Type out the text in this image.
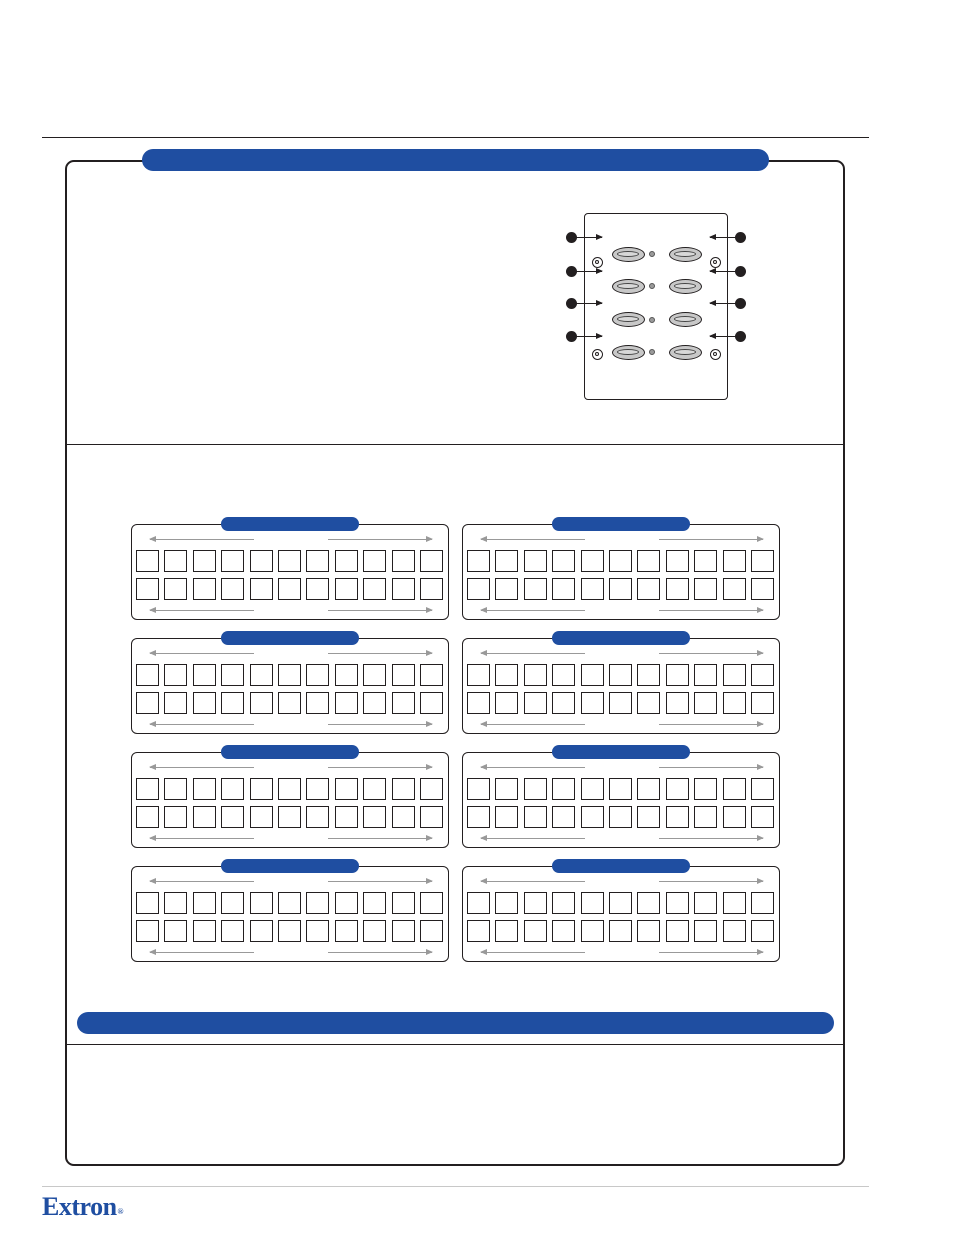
Extron®
